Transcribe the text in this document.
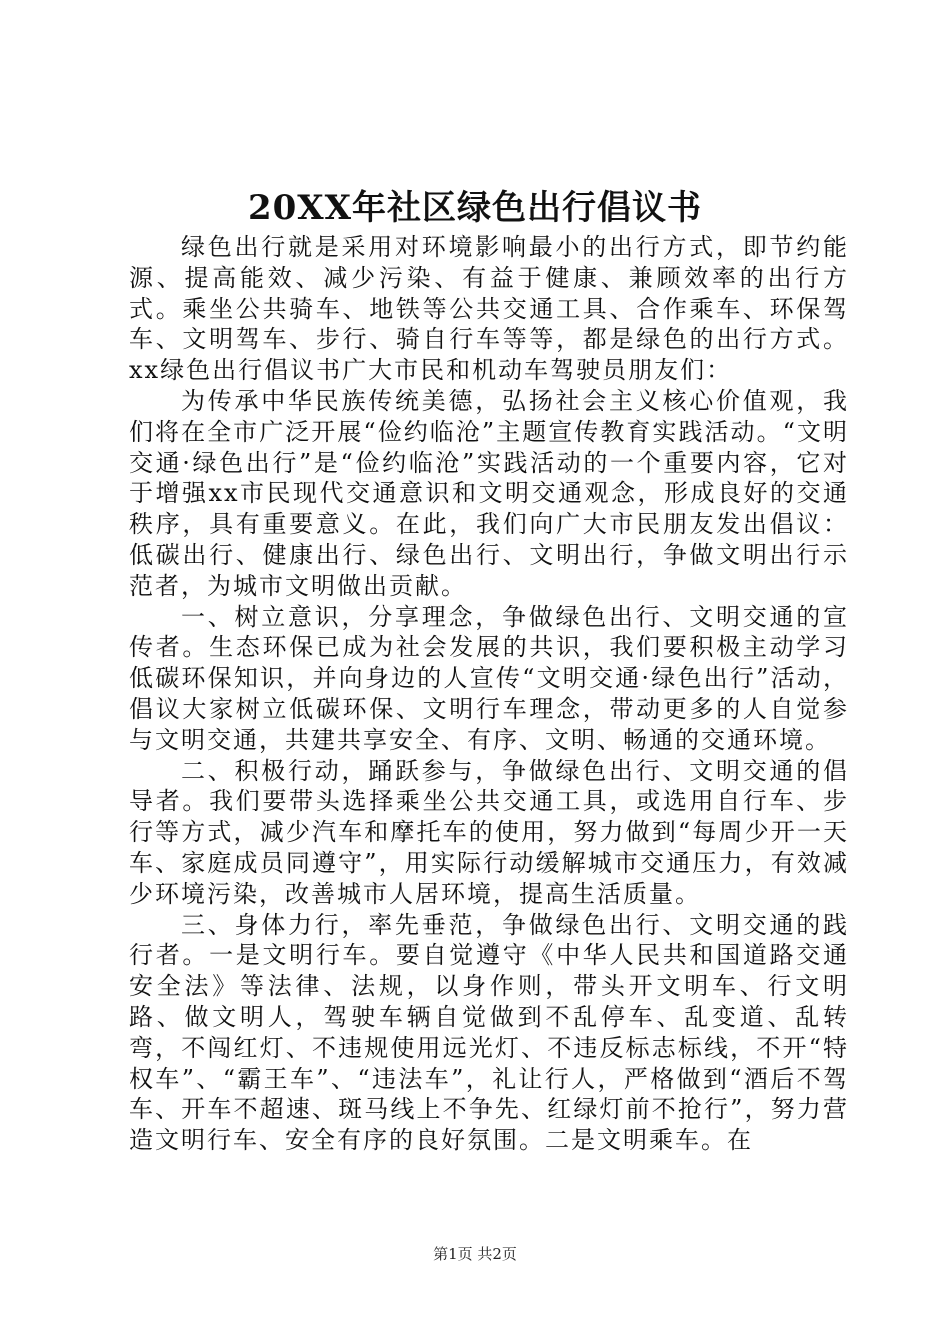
20XX年社区绿色出行倡议书

绿色出行就是采用对环境影响最小的出行方式，即节约能源、提高能效、减少污染、有益于健康、兼顾效率的出行方式。乘坐公共骑车、地铁等公共交通工具、合作乘车、环保驾车、文明驾车、步行、骑自行车等等，都是绿色的出行方式。xx绿色出行倡议书广大市民和机动车驾驶员朋友们：

为传承中华民族传统美德，弘扬社会主义核心价值观，我们将在全市广泛开展“俭约临沧”主题宣传教育实践活动。“文明交通·绿色出行”是“俭约临沧”实践活动的一个重要内容，它对于增强xx市民现代交通意识和文明交通观念，形成良好的交通秩序，具有重要意义。在此，我们向广大市民朋友发出倡议：低碳出行、健康出行、绿色出行、文明出行，争做文明出行示范者，为城市文明做出贡献。

一、树立意识，分享理念，争做绿色出行、文明交通的宣传者。生态环保已成为社会发展的共识，我们要积极主动学习低碳环保知识，并向身边的人宣传“文明交通·绿色出行”活动，倡议大家树立低碳环保、文明行车理念，带动更多的人自觉参与文明交通，共建共享安全、有序、文明、畅通的交通环境。

二、积极行动，踊跃参与，争做绿色出行、文明交通的倡导者。我们要带头选择乘坐公共交通工具，或选用自行车、步行等方式，减少汽车和摩托车的使用，努力做到“每周少开一天车、家庭成员同遵守”，用实际行动缓解城市交通压力，有效减少环境污染，改善城市人居环境，提高生活质量。

三、身体力行，率先垂范，争做绿色出行、文明交通的践行者。一是文明行车。要自觉遵守《中华人民共和国道路交通安全法》等法律、法规，以身作则，带头开文明车、行文明路、做文明人，驾驶车辆自觉做到不乱停车、乱变道、乱转弯，不闯红灯、不违规使用远光灯、不违反标志标线，不开“特权车”、“霸王车”、“违法车”，礼让行人，严格做到“酒后不驾车、开车不超速、斑马线上不争先、红绿灯前不抢行”，努力营造文明行车、安全有序的良好氛围。二是文明乘车。在

第1页 共2页
